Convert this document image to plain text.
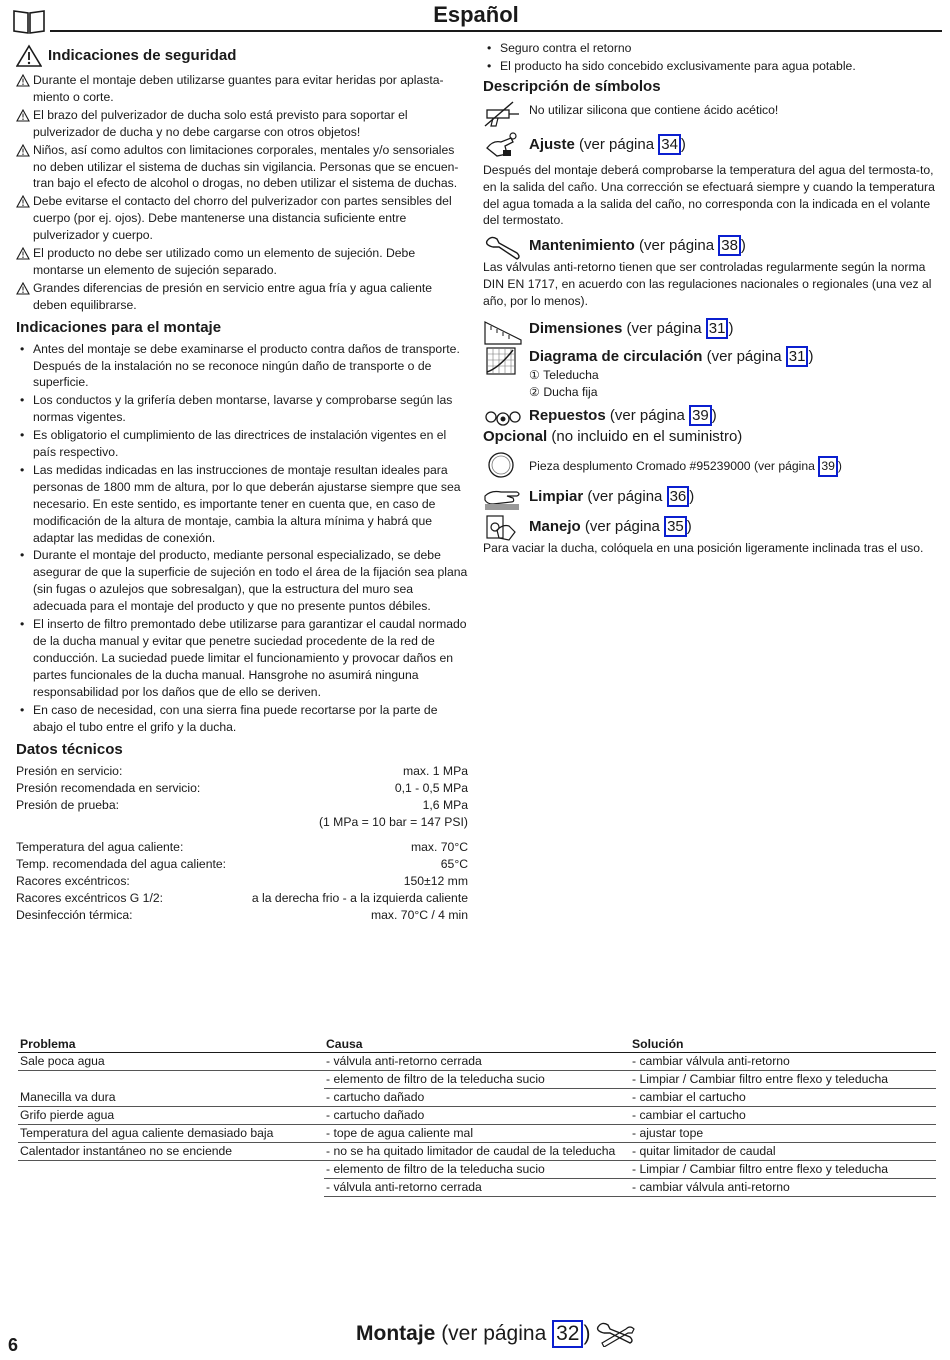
Español
Indicaciones de seguridad
Durante el montaje deben utilizarse guantes para evitar heridas por aplasta-miento o corte.
El brazo del pulverizador de ducha solo está previsto para soportar el pulverizador de ducha y no debe cargarse con otros objetos!
Niños, así como adultos con limitaciones corporales, mentales y/o sensoriales no deben utilizar el sistema de duchas sin vigilancia. Personas que se encuen-tran bajo el efecto de alcohol o drogas, no deben utilizar el sistema de duchas.
Debe evitarse el contacto del chorro del pulverizador con partes sensibles del cuerpo (por ej. ojos). Debe mantenerse una distancia suficiente entre pulverizador y cuerpo.
El producto no debe ser utilizado como un elemento de sujeción. Debe montarse un elemento de sujeción separado.
Grandes diferencias de presión en servicio entre agua fría y agua caliente deben equilibrarse.
Indicaciones para el montaje
• Antes del montaje se debe examinarse el producto contra daños de transporte. Después de la instalación no se reconoce ningún daño de transporte o de superficie.
• Los conductos y la grifería deben montarse, lavarse y comprobarse según las normas vigentes.
• Es obligatorio el cumplimiento de las directrices de instalación vigentes en el país respectivo.
• Las medidas indicadas en las instrucciones de montaje resultan ideales para personas de 1800 mm de altura, por lo que deberán ajustarse siempre que sea necesario. En este sentido, es importante tener en cuenta que, en caso de modificación de la altura de montaje, cambia la altura mínima y habrá que adaptar las medidas de conexión.
• Durante el montaje del producto, mediante personal especializado, se debe asegurar de que la superficie de sujeción en todo el área de la fijación sea plana (sin fugas o azulejos que sobresalgan), que la estructura del muro sea adecuada para el montaje del producto y que no presente puntos débiles.
• El inserto de filtro premontado debe utilizarse para garantizar el caudal normado de la ducha manual y evitar que penetre suciedad procedente de la red de conducción. La suciedad puede limitar el funcionamiento y provocar daños en partes funcionales de la ducha manual. Hansgrohe no asumirá ninguna responsabilidad por los daños que de ello se deriven.
• En caso de necesidad, con una sierra fina puede recortarse por la parte de abajo el tubo entre el grifo y la ducha.
Datos técnicos
Presión en servicio:	max. 1 MPa
Presión recomendada en servicio:	0,1 - 0,5 MPa
Presión de prueba:	1,6 MPa
(1 MPa = 10 bar = 147 PSI)
Temperatura del agua caliente:	max. 70°C
Temp. recomendada del agua caliente:	65°C
Racores excéntricos:	150±12 mm
Racores excéntricos G 1/2:	a la derecha frio - a la izquierda caliente
Desinfección térmica:	max. 70°C / 4 min
• Seguro contra el retorno
• El producto ha sido concebido exclusivamente para agua potable.
Descripción de símbolos
No utilizar silicona que contiene ácido acético!
Ajuste (ver página 34 )
Después del montaje deberá comprobarse la temperatura del agua del termosta-to, en la salida del caño. Una corrección se efectuará siempre y cuando la temperatura del agua tomada a la salida del caño, no corresponda con la indicada en el volante del termostato.
Mantenimiento (ver página 38 )
Las válvulas anti-retorno tienen que ser controladas regularmente según la norma DIN EN 1717, en acuerdo con las regulaciones nacionales o regionales (una vez al año, por lo menos).
Dimensiones (ver página 31 )
Diagrama de circulación (ver página 31 )
① Teleducha
② Ducha fija
Repuestos (ver página 39 )
Opcional (no incluido en el suministro)
Pieza desplumento Cromado #95239000 (ver página 39 )
Limpiar (ver página 36 )
Manejo (ver página 35 )
Para vaciar la ducha, colóquela en una posición ligeramente inclinada tras el uso.
Problema	Causa	Solución
Sale poca agua	- válvula anti-retorno cerrada	- cambiar válvula anti-retorno
	- elemento de filtro de la teleducha sucio	- Limpiar / Cambiar filtro entre flexo y teleducha
Manecilla va dura	- cartucho dañado	- cambiar el cartucho
Grifo pierde agua	- cartucho dañado	- cambiar el cartucho
Temperatura del agua caliente demasiado baja	- tope de agua caliente mal	- ajustar tope
Calentador instantáneo no se enciende	- no se ha quitado limitador de caudal de la teleducha	- quitar limitador de caudal
	- elemento de filtro de la teleducha sucio	- Limpiar / Cambiar filtro entre flexo y teleducha
	- válvula anti-retorno cerrada	- cambiar válvula anti-retorno
6	Montaje (ver página 32 )
